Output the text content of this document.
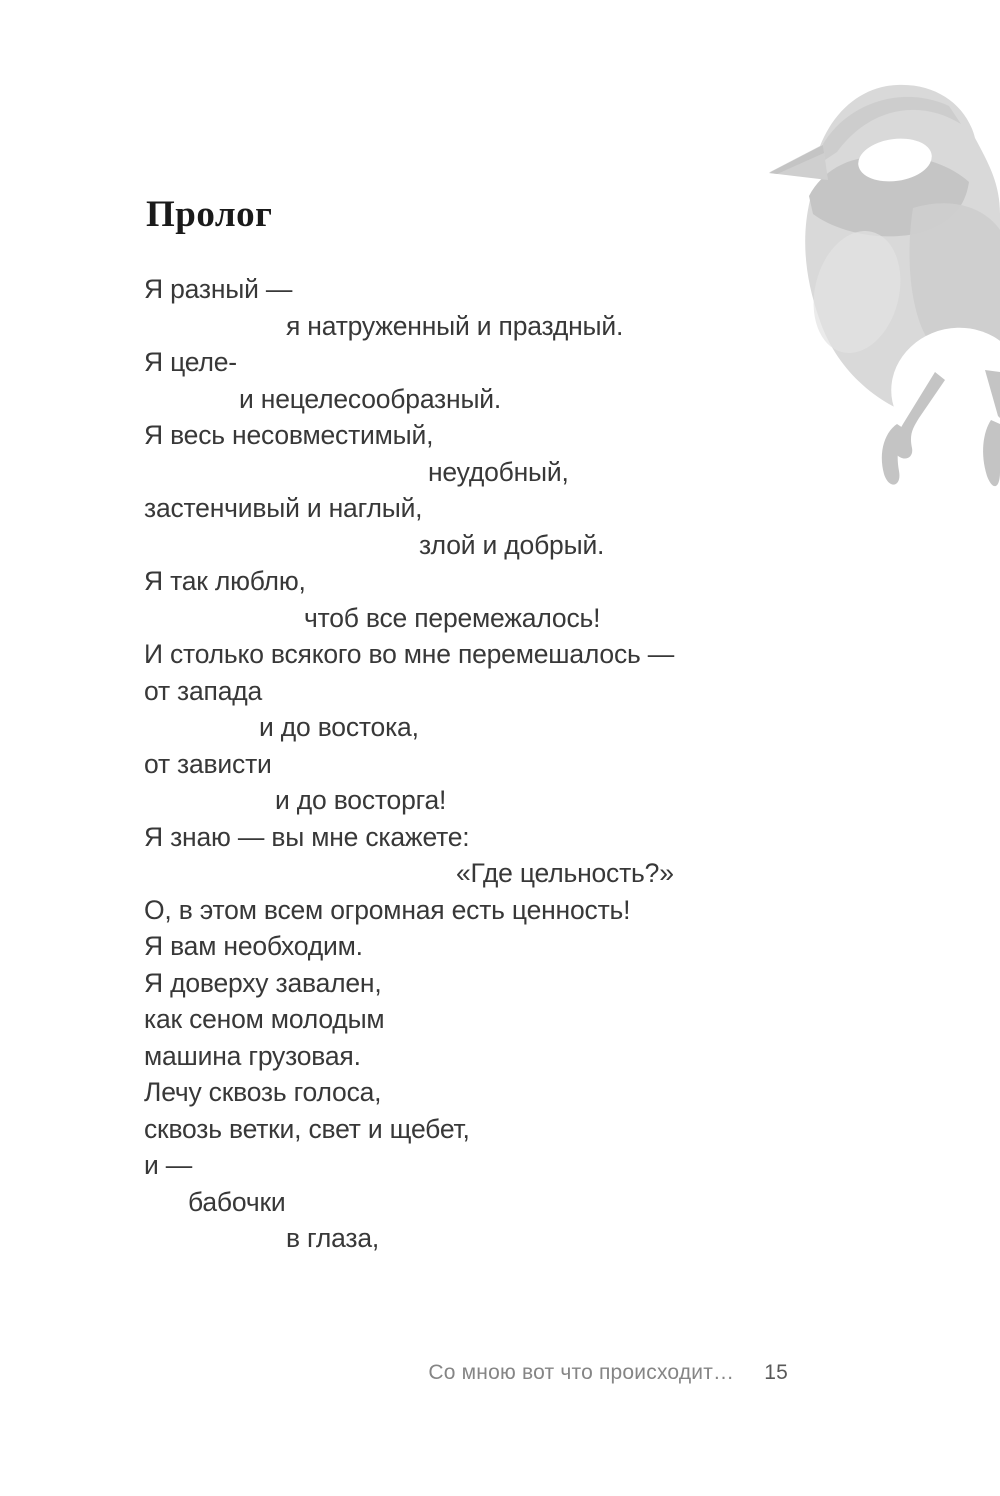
Пролог
Я разный —
я натруженный и праздный.
Я целе-
и нецелесообразный.
Я весь несовместимый,
неудобный,
застенчивый и наглый,
злой и добрый.
Я так люблю,
чтоб все перемежалось!
И столько всякого во мне перемешалось —
от запада
и до востока,
от зависти
и до восторга!
Я знаю — вы мне скажете:
«Где цельность?»
О, в этом всем огромная есть ценность!
Я вам необходим.
Я доверху завален,
как сеном молодым
машина грузовая.
Лечу сквозь голоса,
сквозь ветки, свет и щебет,
и —
бабочки
в глаза,
Со мною вот что происходит… 15
